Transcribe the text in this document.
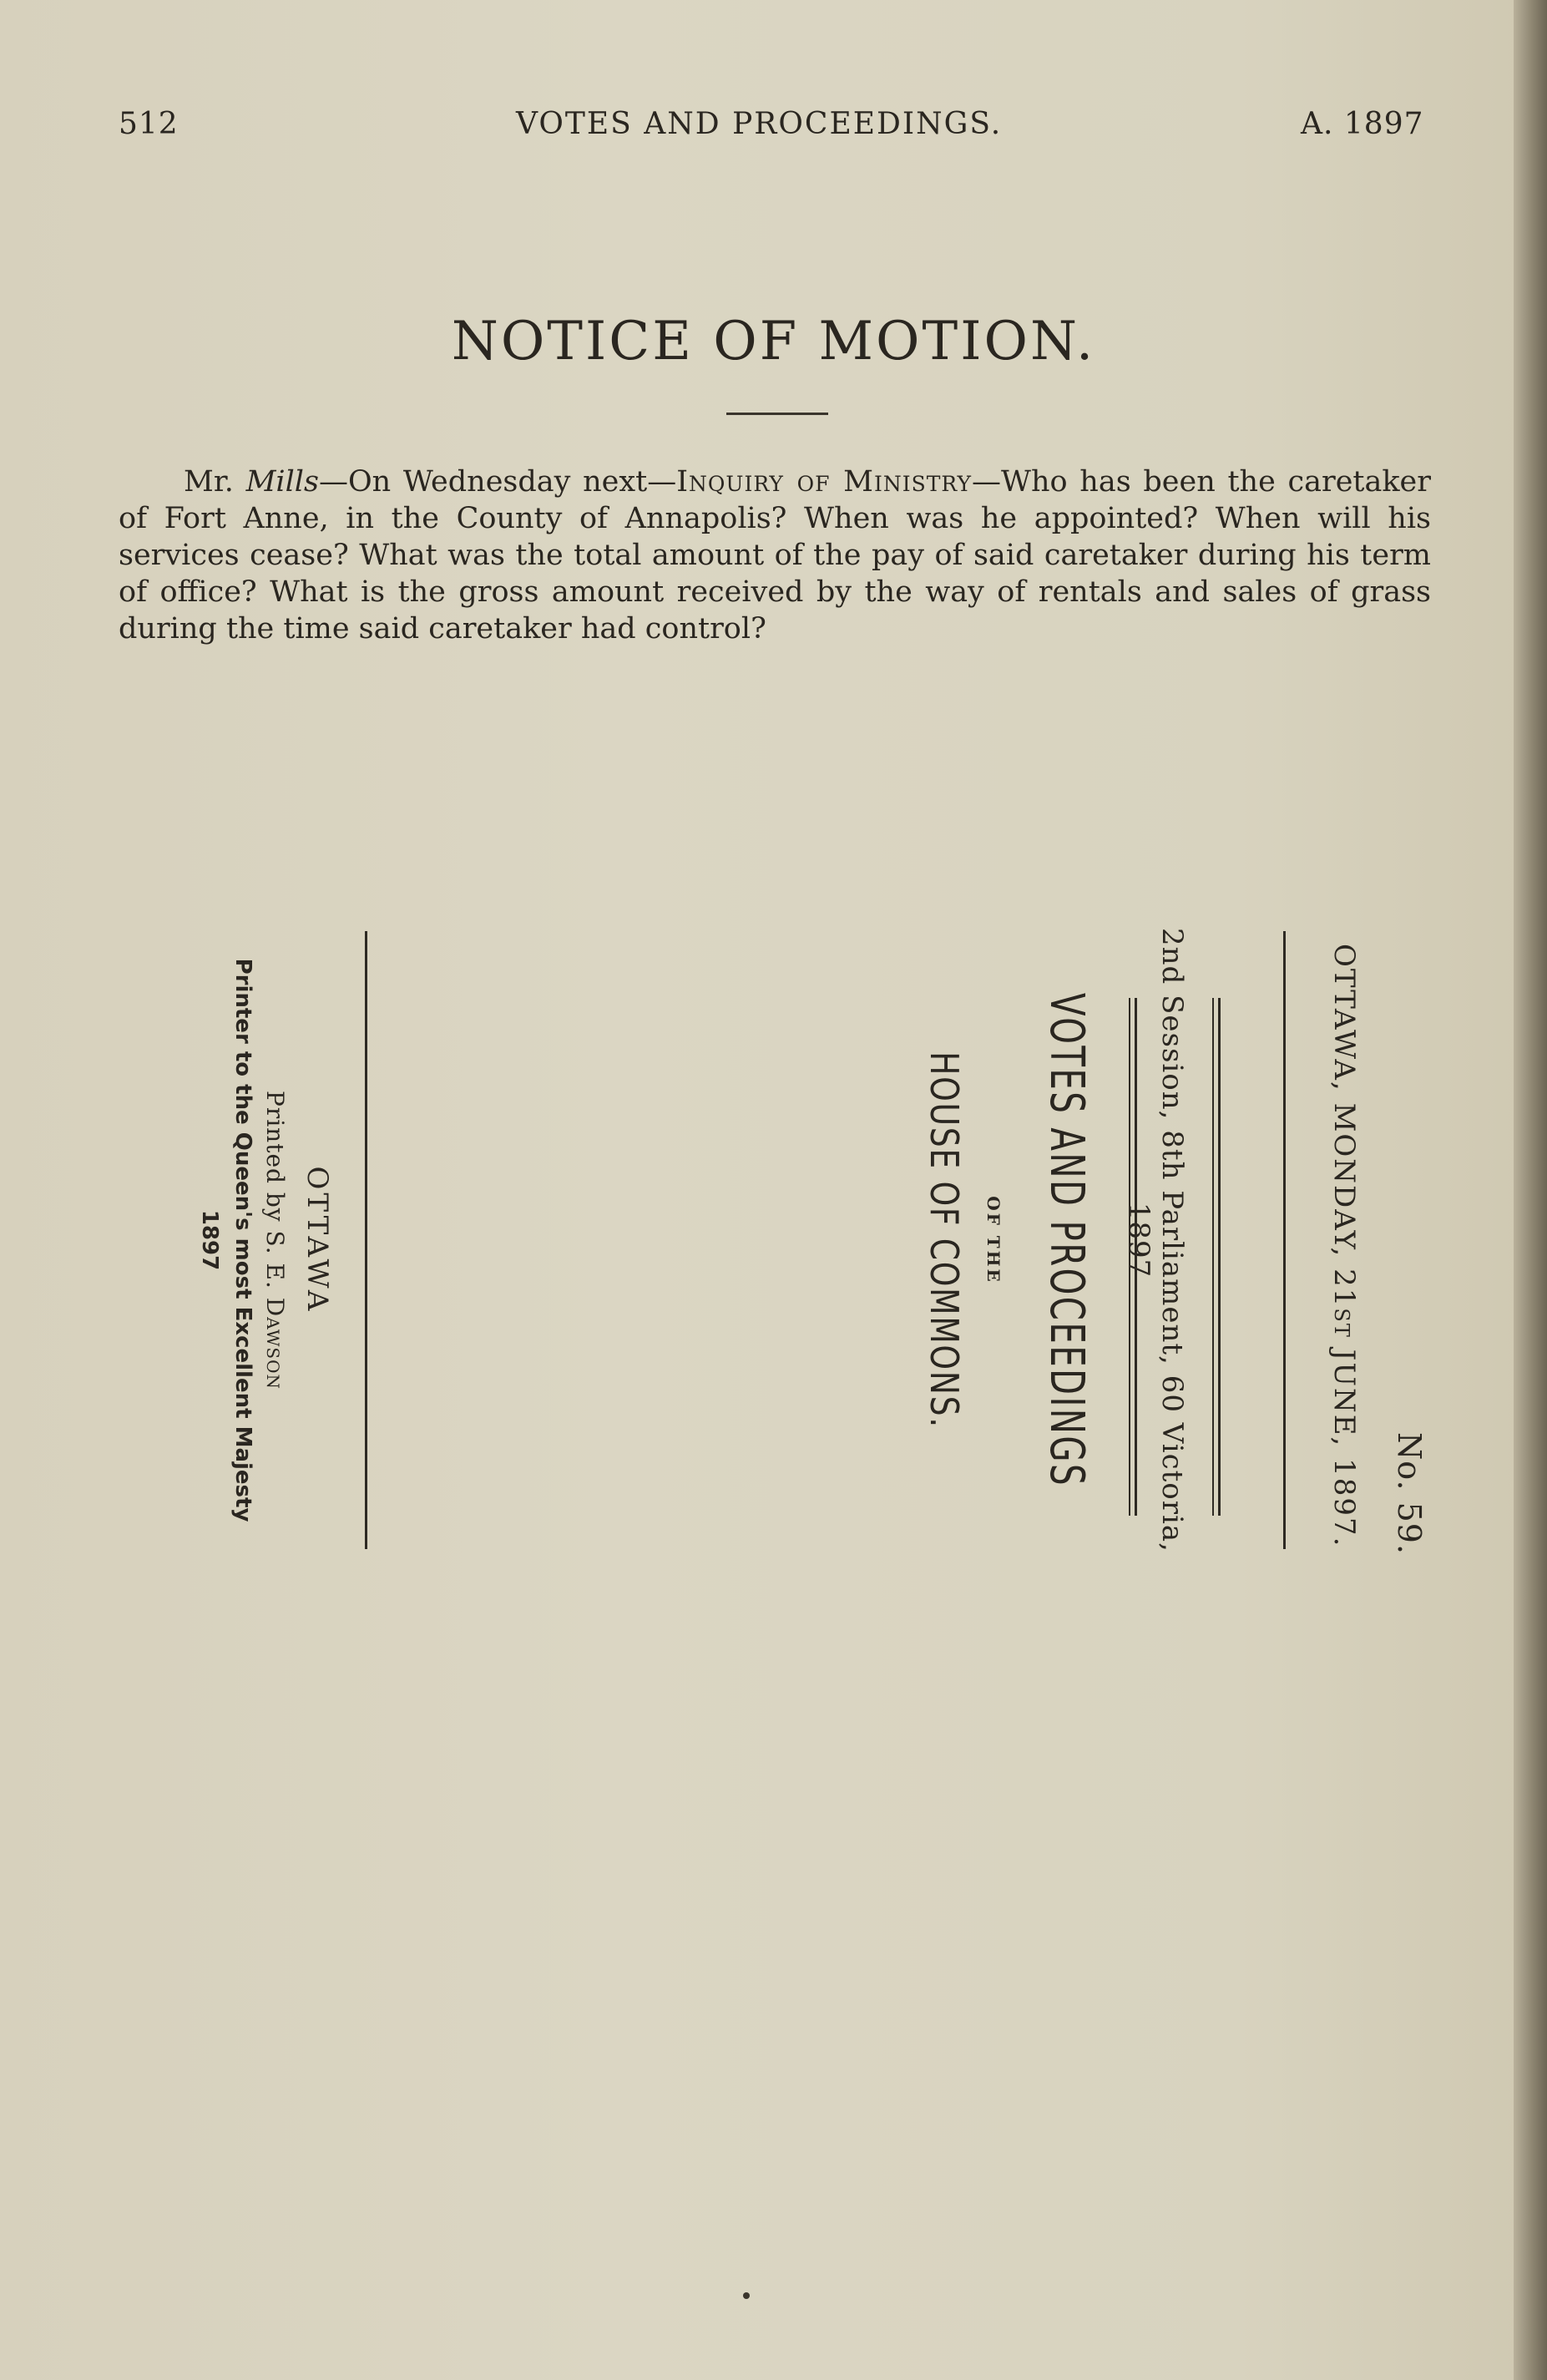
512	VOTES AND PROCEEDINGS.	A. 1897
NOTICE OF MOTION.

Mr. Mills—On Wednesday next—Inquiry of Ministry—Who has been the caretaker of Fort Anne, in the County of Annapolis? When was he appointed? When will his services cease? What was the total amount of the pay of said caretaker during his term of office? What is the gross amount received by the way of rentals and sales of grass during the time said caretaker had control?

No. 59.
OTTAWA, MONDAY, 21ST JUNE, 1897.
2nd Session, 8th Parliament, 60 Victoria, 1897
VOTES AND PROCEEDINGS
OF THE
HOUSE OF COMMONS.
OTTAWA
Printed by S. E. Dawson
Printer to the Queen's most Excellent Majesty
1897
